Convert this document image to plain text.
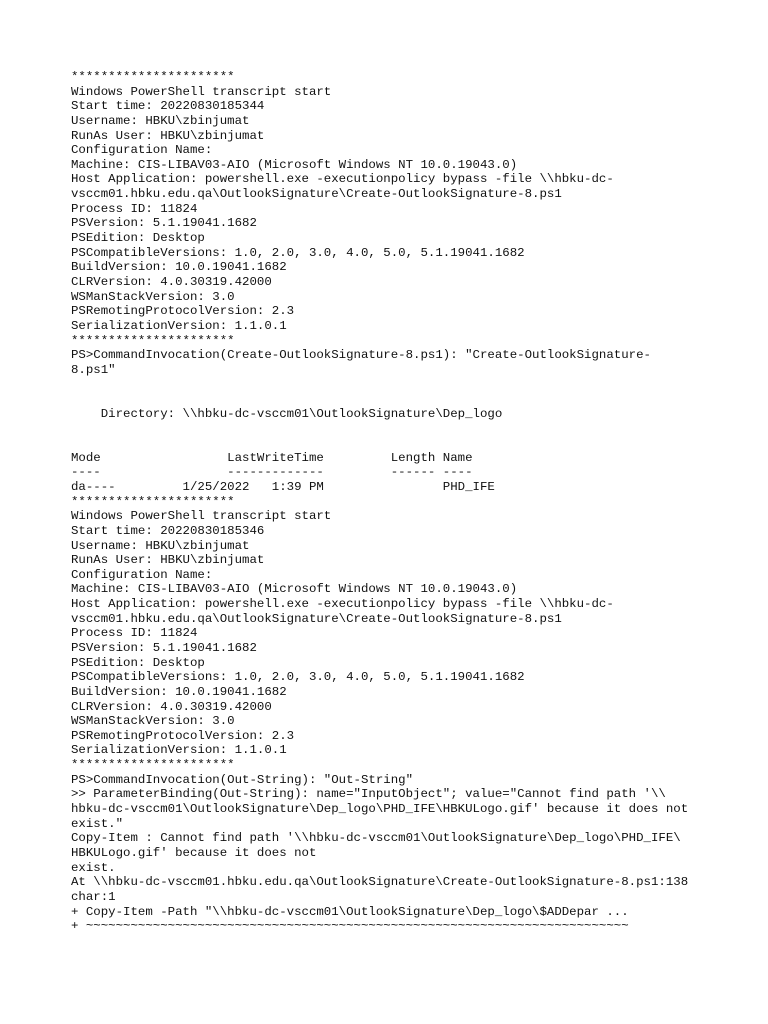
**********************
Windows PowerShell transcript start
Start time: 20220830185344
Username: HBKU\zbinjumat
RunAs User: HBKU\zbinjumat
Configuration Name:
Machine: CIS-LIBAV03-AIO (Microsoft Windows NT 10.0.19043.0)
Host Application: powershell.exe -executionpolicy bypass -file \\hbku-dc-
vsccm01.hbku.edu.qa\OutlookSignature\Create-OutlookSignature-8.ps1
Process ID: 11824
PSVersion: 5.1.19041.1682
PSEdition: Desktop
PSCompatibleVersions: 1.0, 2.0, 3.0, 4.0, 5.0, 5.1.19041.1682
BuildVersion: 10.0.19041.1682
CLRVersion: 4.0.30319.42000
WSManStackVersion: 3.0
PSRemotingProtocolVersion: 2.3
SerializationVersion: 1.1.0.1
**********************
PS>CommandInvocation(Create-OutlookSignature-8.ps1): "Create-OutlookSignature-
8.ps1"
Directory: \\hbku-dc-vsccm01\OutlookSignature\Dep_logo
Mode                 LastWriteTime         Length Name
----                 -------------         ------ ----
da----         1/25/2022   1:39 PM                PHD_IFE
**********************
Windows PowerShell transcript start
Start time: 20220830185346
Username: HBKU\zbinjumat
RunAs User: HBKU\zbinjumat
Configuration Name:
Machine: CIS-LIBAV03-AIO (Microsoft Windows NT 10.0.19043.0)
Host Application: powershell.exe -executionpolicy bypass -file \\hbku-dc-
vsccm01.hbku.edu.qa\OutlookSignature\Create-OutlookSignature-8.ps1
Process ID: 11824
PSVersion: 5.1.19041.1682
PSEdition: Desktop
PSCompatibleVersions: 1.0, 2.0, 3.0, 4.0, 5.0, 5.1.19041.1682
BuildVersion: 10.0.19041.1682
CLRVersion: 4.0.30319.42000
WSManStackVersion: 3.0
PSRemotingProtocolVersion: 2.3
SerializationVersion: 1.1.0.1
**********************
PS>CommandInvocation(Out-String): "Out-String"
>> ParameterBinding(Out-String): name="InputObject"; value="Cannot find path '\\
hbku-dc-vsccm01\OutlookSignature\Dep_logo\PHD_IFE\HBKULogo.gif' because it does not
exist."
Copy-Item : Cannot find path '\\hbku-dc-vsccm01\OutlookSignature\Dep_logo\PHD_IFE\
HBKULogo.gif' because it does not
exist.
At \\hbku-dc-vsccm01.hbku.edu.qa\OutlookSignature\Create-OutlookSignature-8.ps1:138
char:1
+ Copy-Item -Path "\\hbku-dc-vsccm01\OutlookSignature\Dep_logo\$ADDepar ...
+ ~~~~~~~~~~~~~~~~~~~~~~~~~~~~~~~~~~~~~~~~~~~~~~~~~~~~~~~~~~~~~~~~~~~~~~~~~
